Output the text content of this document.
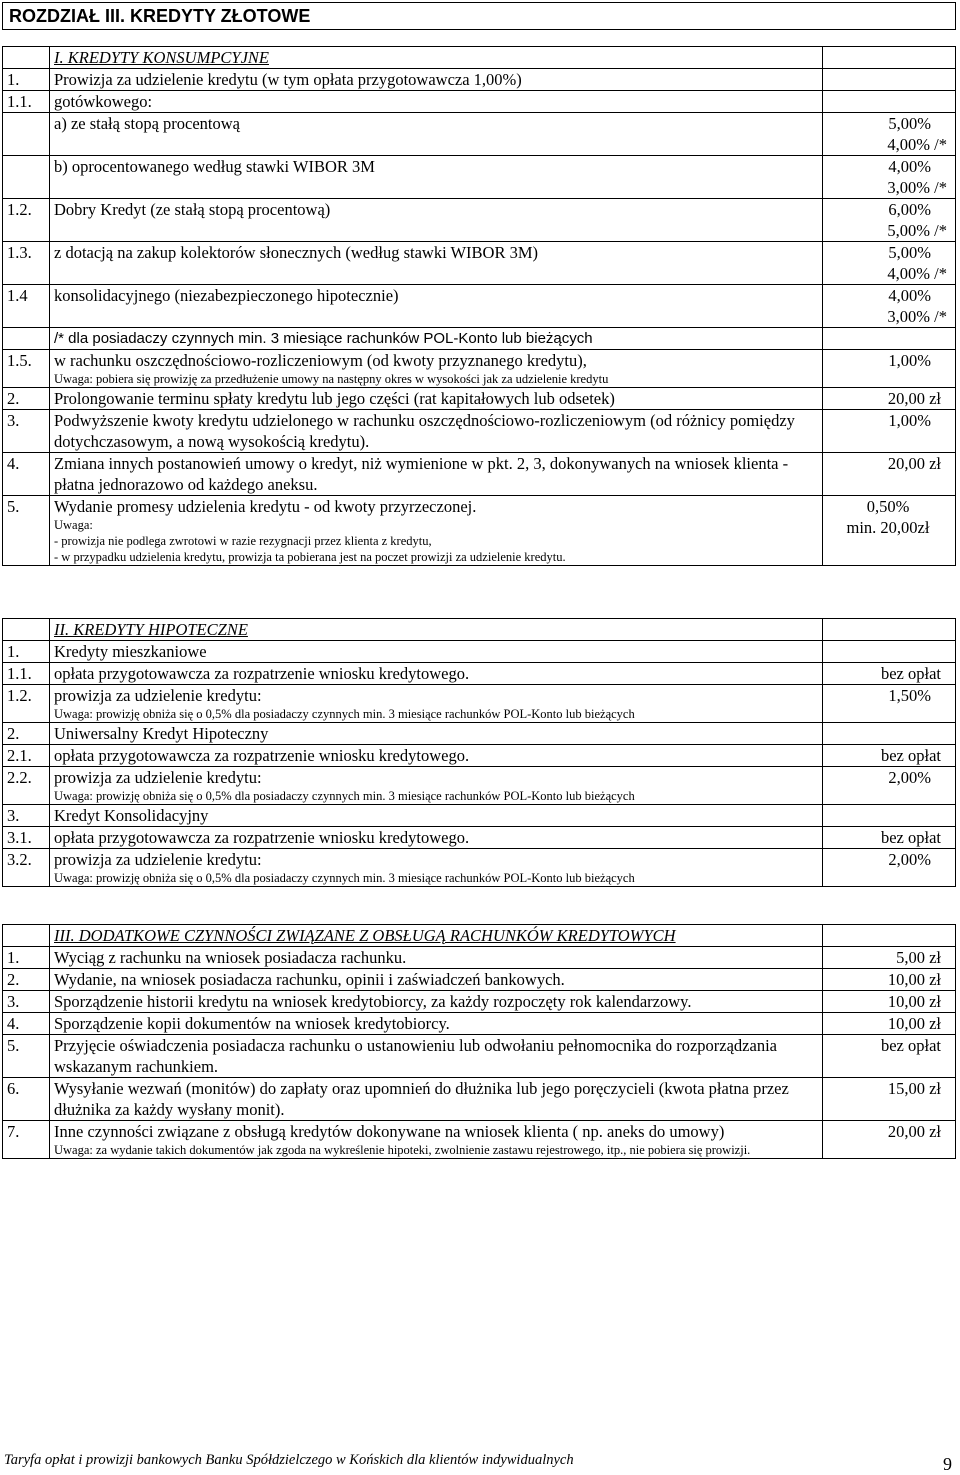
ROZDZIAŁ III. KREDYTY ZŁOTOWE
	I. KREDYTY KONSUMPCYJNE	
1.	Prowizja za udzielenie kredytu (w tym opłata przygotowawcza 1,00%)	
1.1.	gotówkowego:	
	a) ze stałą stopą procentową	5,00%
4,00% /*

	b) oprocentowanego według stawki WIBOR 3M	4,00%
3,00% /*

1.2.	Dobry Kredyt (ze stałą stopą procentową)	6,00%
5,00% /*

1.3.	z dotacją na zakup kolektorów słonecznych (według stawki WIBOR 3M)	5,00%
4,00% /*

1.4	konsolidacyjnego (niezabezpieczonego hipotecznie)	4,00%
3,00% /*

	/* dla posiadaczy czynnych min. 3 miesiące rachunków POL-Konto lub bieżących	
1.5.	w rachunku oszczędnościowo-rozliczeniowym (od kwoty przyznanego kredytu),
Uwaga: pobiera się prowizję za przedłużenie umowy na następny okres w wysokości jak za udzielenie kredytu	1,00%
2.	Prolongowanie terminu spłaty kredytu lub jego części (rat kapitałowych lub odsetek)	20,00 zł
3.	Podwyższenie kwoty kredytu udzielonego w rachunku oszczędnościowo-rozliczeniowym (od różnicy pomiędzy dotychczasowym, a nową wysokością kredytu).	1,00%
4.	Zmiana innych postanowień umowy o kredyt, niż wymienione w pkt. 2, 3, dokonywanych na wniosek klienta - płatna jednorazowo od każdego aneksu.	20,00 zł
5.	Wydanie promesy udzielenia kredytu - od kwoty przyrzeczonej.
Uwaga:
- prowizja nie podlega zwrotowi w razie rezygnacji przez klienta z kredytu,
- w przypadku udzielenia kredytu, prowizja ta pobierana jest na poczet prowizji za udzielenie kredytu.	0,50%
min. 20,00zł
	II. KREDYTY HIPOTECZNE	
1.	Kredyty mieszkaniowe	
1.1.	opłata przygotowawcza za rozpatrzenie wniosku kredytowego.	bez opłat
1.2.	prowizja za udzielenie kredytu:
Uwaga: prowizję obniża się o 0,5% dla posiadaczy czynnych min. 3 miesiące rachunków POL-Konto lub bieżących	1,50%
2.	Uniwersalny Kredyt Hipoteczny	
2.1.	opłata przygotowawcza za rozpatrzenie wniosku kredytowego.	bez opłat
2.2.	prowizja za udzielenie kredytu:
Uwaga: prowizję obniża się o 0,5% dla posiadaczy czynnych min. 3 miesiące rachunków POL-Konto lub bieżących	2,00%
3.	Kredyt Konsolidacyjny	
3.1.	opłata przygotowawcza za rozpatrzenie wniosku kredytowego.	bez opłat
3.2.	prowizja za udzielenie kredytu:
Uwaga: prowizję obniża się o 0,5% dla posiadaczy czynnych min. 3 miesiące rachunków POL-Konto lub bieżących	2,00%
	III. DODATKOWE CZYNNOŚCI ZWIĄZANE Z OBSŁUGĄ RACHUNKÓW KREDYTOWYCH	
1.	Wyciąg z rachunku na wniosek posiadacza rachunku.	5,00 zł
2.	Wydanie, na wniosek posiadacza rachunku, opinii i zaświadczeń bankowych.	10,00 zł
3.	Sporządzenie historii kredytu na wniosek kredytobiorcy, za każdy rozpoczęty rok kalendarzowy.	10,00 zł
4.	Sporządzenie kopii dokumentów na wniosek kredytobiorcy.	10,00 zł
5.	Przyjęcie oświadczenia posiadacza rachunku o ustanowieniu lub odwołaniu pełnomocnika do rozporządzania wskazanym rachunkiem.	bez opłat
6.	Wysyłanie wezwań (monitów) do zapłaty oraz upomnień do dłużnika lub jego poręczycieli (kwota płatna przez dłużnika za każdy wysłany monit).	15,00 zł
7.	Inne czynności związane z obsługą kredytów dokonywane na wniosek klienta ( np. aneks do umowy)
Uwaga: za wydanie takich dokumentów jak zgoda na wykreślenie hipoteki, zwolnienie zastawu rejestrowego, itp., nie pobiera się prowizji.	20,00 zł
Taryfa opłat i prowizji bankowych Banku Spółdzielczego w Końskich dla klientów indywidualnych	9
